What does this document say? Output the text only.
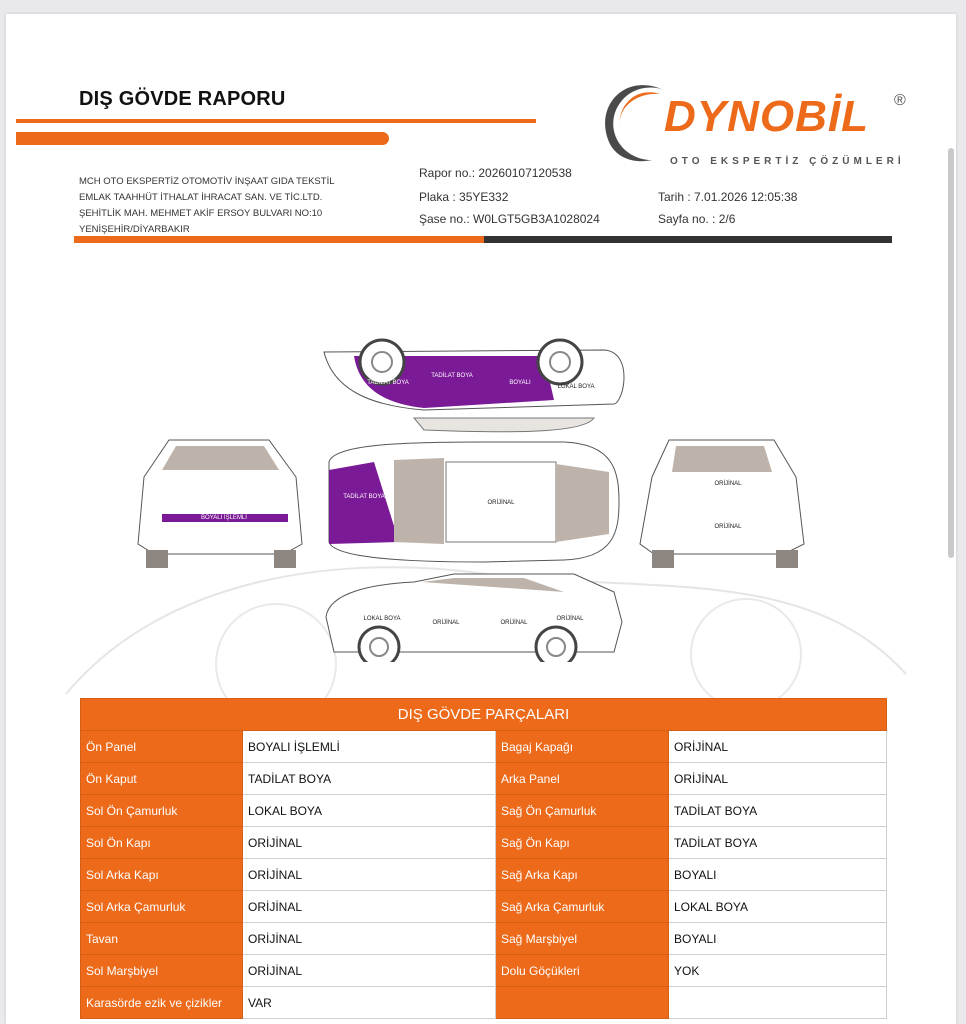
DIŞ GÖVDE RAPORU	DYNOBİL ®
OTO EKSPERTİZ ÇÖZÜMLERİ
MCH OTO EKSPERTİZ OTOMOTİV İNŞAAT GIDA TEKSTİL
EMLAK TAAHHÜT İTHALAT İHRACAT SAN. VE TİC.LTD.
ŞEHİTLİK MAH. MEHMET AKİF ERSOY BULVARI NO:10
YENİŞEHİR/DİYARBAKIR
Rapor no.: 20260107120538
Plaka : 35YE332
Şase no.: W0LGT5GB3A1028024
Tarih : 7.01.2026 12:05:38
Sayfa no. : 2/6
TADİLAT BOYA
TADİLAT BOYA
BOYALI
LOKAL BOYA
BOYALI İŞLEMLİ
TADİLAT BOYA
ORİJİNAL
ORİJİNAL
ORİJİNAL
LOKAL BOYA
ORİJİNAL	ORİJİNAL
ORİJİNAL
DIŞ GÖVDE PARÇALARI			
Ön Panel	BOYALI İŞLEMLİ	Bagaj Kapağı	ORİJİNAL
Ön Kaput	TADİLAT BOYA	Arka Panel	ORİJİNAL
Sol Ön Çamurluk	LOKAL BOYA	Sağ Ön Çamurluk	TADİLAT BOYA
Sol Ön Kapı	ORİJİNAL	Sağ Ön Kapı	TADİLAT BOYA
Sol Arka Kapı	ORİJİNAL	Sağ Arka Kapı	BOYALI
Sol Arka Çamurluk	ORİJİNAL	Sağ Arka Çamurluk	LOKAL BOYA
Tavan	ORİJİNAL	Sağ Marşbiyel	BOYALI
Sol Marşbiyel	ORİJİNAL	Dolu Göçükleri	YOK
Karasörde ezik ve çizikler	VAR		
